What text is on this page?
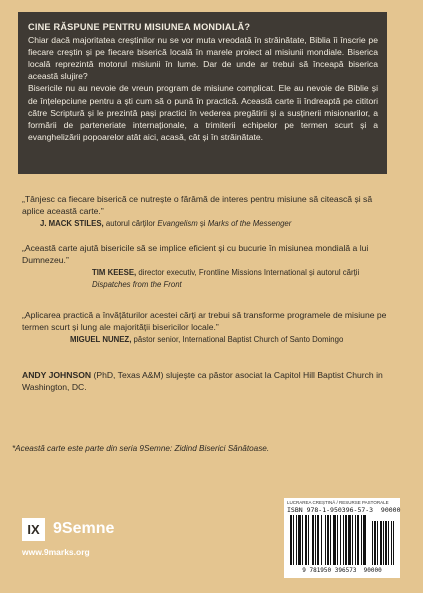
CINE RĂSPUNE PENTRU MISIUNEA MONDIALĂ?

Chiar dacă majoritatea creștinilor nu se vor muta vreodată în străinătate, Biblia îi înscrie pe fiecare creștin și pe fiecare biserică locală în marele proiect al misiunii mondiale. Biserica locală reprezintă motorul misiunii în lume. Dar de unde ar trebui să înceapă biserica această slujire?

Bisericile nu au nevoie de vreun program de misiune complicat. Ele au nevoie de Biblie și de înțelepciune pentru a ști cum să o pună în practică. Această carte îi îndreaptă pe cititori către Scriptură și le prezintă pași practici în vederea pregătirii și a susținerii misionarilor, a formării de parteneriate internaționale, a trimiterii echipelor pe termen scurt și a evanghelizării popoarelor atât aici, acasă, cât și în străinătate.

„Tânjesc ca fiecare biserică ce nutrește o fărâmă de interes pentru misiune să citească și să aplice această carte.”

J. MACK STILES, autorul cărților Evangelism și Marks of the Messenger

„Această carte ajută bisericile să se implice eficient și cu bucurie în misiunea mondială a lui Dumnezeu.”

TIM KEESE, director executiv, Frontline Missions International și autorul cărții
Dispatches from the Front

„Aplicarea practică a învățăturilor acestei cărți ar trebui să transforme programele de misiune pe termen scurt și lung ale majorității bisericilor locale.”

MIGUEL NUNEZ, păstor senior, International Baptist Church of Santo Domingo
ANDY JOHNSON (PhD, Texas A&M) slujește ca păstor asociat la Capitol Hill Baptist Church in Washington, DC.
*Această carte este parte din seria 9Semne: Zidind Biserici Sănătoase.
IX 9Semne
www.9marks.org
LUCRAREA CREȘTINĂ / RESURSE PASTORALE
ISBN 978-1-950396-57-3 90000
9 781950 396573 90000
